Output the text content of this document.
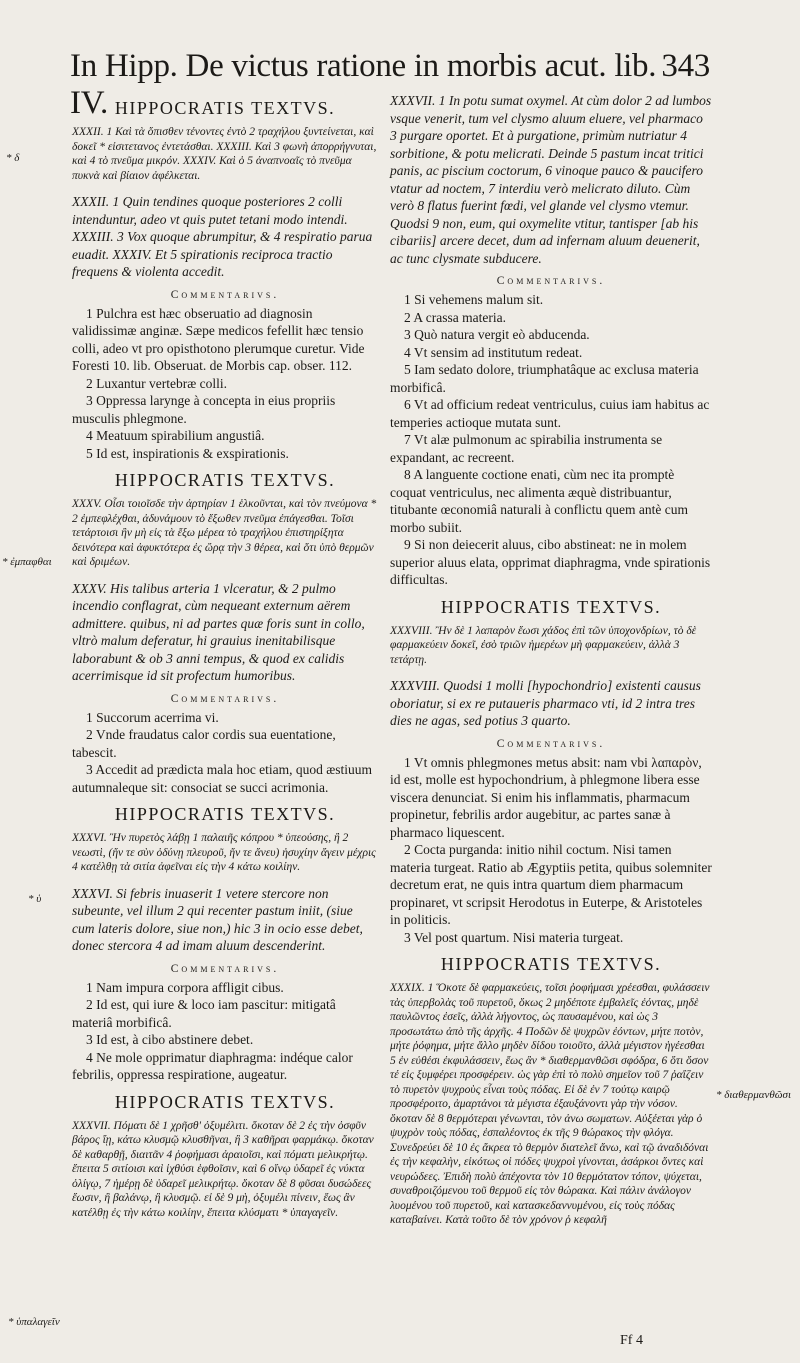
In Hipp. De victus ratione in morbis acut. lib. IV.
343
HIPPOCRATIS TEXTVS.

XXXII. 1 Καὶ τὰ ὄπισθεν τένοντες ἐντὸ 2 τραχήλου ξυντείνεται, καὶ δοκεῖ * εἰσιτετανος ἐντετάσθαι. XXXIII. Καὶ 3 φωνὴ ἀπορρήγνυται, καὶ 4 τὸ πνεῦμα μικρόν. XXXIV. Καὶ ὁ 5 ἀναπνοαῖς τὸ πνεῦμα πυκνὰ καὶ βίαιον ἀφέλκεται.

XXXII. 1 Quin tendines quoque posteriores 2 colli intenduntur, adeo vt quis putet tetani modo intendi. XXXIII. 3 Vox quoque abrumpitur, & 4 respiratio parua euadit. XXXIV. Et 5 spirationis reciproca tractio frequens & violenta accedit.

Commentarivs.
1 Pulchra est hæc obseruatio ad diagnosin validissimæ anginæ. Sæpe medicos fefellit hæc tensio colli, adeo vt pro opisthotono plerumque curetur. Vide Foresti 10. lib. Obseruat. de Morbis cap. obser. 112.
2 Luxantur vertebræ colli.
3 Oppressa larynge à concepta in eius propriis musculis phlegmone.
4 Meatuum spirabilium angustiâ.
5 Id est, inspirationis & exspirationis.
HIPPOCRATIS TEXTVS.

XXXV. Οἷσι τοιοῖσδε τὴν ἀρτηρίαν 1 ἑλκοῦνται, καὶ τὸν πνεύμονα * 2 ἐμπεφλέχθαι, ἀδυνάμουν τὸ ἔξωθεν πνεῦμα ἐπάγεσθαι. Τοῖσι τετάρτοισι ἢν μὴ εἰς τὰ ἔξω μέρεα τὸ τραχήλου ἐπιστηρίξητα δεινότερα καὶ ἀφυκτότερα ἐς ὥρᾳ τὴν 3 θέρεα, καὶ ὅτι ὑπὸ θερμῶν καὶ δριμέων.

XXXV. His talibus arteria 1 vlceratur, & 2 pulmo incendio conflagrat, cùm nequeant externum aërem admittere. quibus, ni ad partes quæ foris sunt in collo, vltrò malum deferatur, hi grauius inenitabilisque laborabunt & ob 3 anni tempus, & quod ex calidis acerrimisque id sit profectum humoribus.

Commentarivs.
1 Succorum acerrima vi.
2 Vnde fraudatus calor cordis sua euentatione, tabescit.
3 Accedit ad prædicta mala hoc etiam, quod æstiuum autumnaleque sit: consociat se succi acrimonia.
HIPPOCRATIS TEXTVS.

XXXVI. Ἢν πυρετὸς λάβῃ 1 παλαιῆς κόπρου * ὑπεούσης, ἢ 2 νεωστὶ, (ἤν τε σὺν ὀδύνῃ πλευροῦ, ἤν τε ἄνευ) ἡσυχίην ἄγειν μέχρις 4 κατέλθῃ τὰ σιτία ἀφεῖναι εἰς τὴν 4 κάτω κοιλίην.

XXXVI. Si febris inuaserit 1 vetere stercore non subeunte, vel illum 2 qui recenter pastum iniit, (siue cum lateris dolore, siue non,) hic 3 in ocio esse debet, donec stercora 4 ad imam aluum descenderint.

Commentarivs.
1 Nam impura corpora affligit cibus.
2 Id est, qui iure & loco iam pascitur: mitigatâ materiâ morbificâ.
3 Id est, à cibo abstinere debet.
4 Ne mole opprimatur diaphragma: indéque calor febrilis, oppressa respiratione, augeatur.
HIPPOCRATIS TEXTVS.

XXXVII. Πόματι δὲ 1 χρῆσθ' ὀξυμέλιτι. ὅκοταν δὲ 2 ἐς τὴν ὀσφῦν βάρος ἴῃ, κάτω κλυσμῷ κλυσθῆναι, ἢ 3 καθῆραι φαρμάκῳ. ὅκοταν δὲ καθαρθῇ, διαιτᾶν 4 ῥοφήμασι ἀραιοῖσι, καὶ πόματι μελικρήτῳ. ἔπειτα 5 σιτίοισι καὶ ἰχθύσι ἑφθοῖσιν, καὶ 6 οἴνῳ ὑδαρεῖ ἐς νύκτα ὀλίγῳ, 7 ἡμέρῃ δὲ ὑδαρεῖ μελικρήτῳ. ὅκοταν δὲ 8 φῦσαι δυσώδεες ἔωσιν, ἢ βαλάνῳ, ἢ κλυσμῷ. εἰ δὲ 9 μὴ, ὀξυμέλι πίνειν, ἕως ἂν κατέλθῃ ἐς τὴν κάτω κοιλίην, ἔπειτα κλύσματι * ὑπαγαγεῖν.

XXXVII. 1 In potu sumat oxymel. At cùm dolor 2 ad lumbos vsque venerit, tum vel clysmo aluum eluere, vel pharmaco 3 purgare oportet. Et à purgatione, primùm nutriatur 4 sorbitione, & potu melicrati. Deinde 5 pastum incat tritici panis, ac piscium coctorum, 6 vinoque pauco & paucifero vtatur ad noctem, 7 interdiu verò melicrato diluto. Cùm verò 8 flatus fuerint fœdi, vel glande vel clysmo vtemur. Quodsi 9 non, eum, qui oxymelite vtitur, tantisper [ab his cibariis] arcere decet, dum ad infernam aluum deuenerit, ac tunc clysmate subducere.

Commentarivs.
1 Si vehemens malum sit.
2 A crassa materia.
3 Quò natura vergit eò abducenda.
4 Vt sensim ad institutum redeat.
5 Iam sedato dolore, triumphatâque ac exclusa materia morbificâ.
6 Vt ad officium redeat ventriculus, cuius iam habitus ac temperies actioque mutata sunt.
7 Vt alæ pulmonum ac spirabilia instrumenta se expandant, ac recreent.
8 A languente coctione enati, cùm nec ita promptè coquat ventriculus, nec alimenta æquè distribuantur, titubante œconomiâ naturali à conflictu quem antè cum morbo subiit.
9 Si non deiecerit aluus, cibo abstineat: ne in molem superior aluus elata, opprimat diaphragma, vnde spirationis difficultas.
HIPPOCRATIS TEXTVS.

XXXVIII. Ἢν δὲ 1 λαπαρὸν ἔωσι χάδος ἐπὶ τῶν ὑποχονδρίων, τὸ δὲ φαρμακεύειν δοκεῖ, ἐσὸ τριῶν ἡμερέων μὴ φαρμακεύειν, ἀλλὰ 3 τετάρτῃ.

XXXVIII. Quodsi 1 molli [hypochondrio] existenti causus oboriatur, si ex re putaueris pharmaco vti, id 2 intra tres dies ne agas, sed potius 3 quarto.

Commentarivs.
1 Vt omnis phlegmones metus absit: nam vbi λαπαρὸν, id est, molle est hypochondrium, à phlegmone libera esse viscera denunciat. Si enim his inflammatis, pharmacum propinetur, febrilis ardor augebitur, ac partes sanæ à pharmaco liquescent.
2 Cocta purganda: initio nihil coctum. Nisi tamen materia turgeat. Ratio ab Ægyptiis petita, quibus solemniter decretum erat, ne quis intra quartum diem pharmacum propinaret, vt scripsit Herodotus in Euterpe, & Aristoteles in politicis.
3 Vel post quartum. Nisi materia turgeat.
HIPPOCRATIS TEXTVS.

XXXIX. 1 Ὅκοτε δὲ φαρμακεύεις, τοῖσι ῥοφήμασι χρέεσθαι, φυλάσσειν τὰς ὑπερβολὰς τοῦ πυρετοῦ, ὅκως 2 μηδέποτε ἐμβαλεῖς ἐόντας, μηδὲ παυλῶντος ἐσεῖς, ἀλλὰ λήγοντος, ὡς παυσαμένου, καὶ ὡς 3 προσωτάτω ἀπὸ τῆς ἀρχῆς. 4 Ποδῶν δὲ ψυχρῶν ἐόντων, μήτε ποτὸν, μήτε ῥόφημα, μήτε ἄλλο μηδὲν δίδου τοιοῦτο, ἀλλὰ μέγιστον ἡγέεσθαι 5 ἐν εὐθέσι ἐκφυλάσσειν, ἕως ἂν * διαθερμανθῶσι σφόδρα, 6 ὅτι ὅσον τέ εἰς ξυμφέρει προσφέρειν. ὡς γὰρ ἐπὶ τὸ πολὺ σημεῖον τοῦ 7 ῥαΐζειν τὸ πυρετὸν ψυχροὺς εἶναι τοὺς πόδας. Εἰ δὲ ἐν 7 τούτῳ καιρῷ προσφέροιτο, ἁμαρτάνοι τὰ μέγιστα ἐξαυξάνοντι γὰρ τὴν νόσον. ὅκοταν δὲ 8 θερμότεραι γένωνται, τὸν ἀνω σωματων. Αὐξέεται γὰρ ὁ ψυχρὸν τοὺς πόδας, ἐσπαλέοντος ἐκ τῆς 9 θώρακος τὴν φλόγα. Συνεδρεύει δὲ 10 ἐς ἄκρεα τὸ θερμὸν διατελεῖ ἄνω, καὶ τῷ ἀναδιδόναι ἐς τὴν κεφαλὴν, εἰκότως οἱ πόδες ψυχροὶ γίνονται, ἀσάρκοι ὄντες καὶ νευρώδεες. Ἐπιδὴ πολὺ ἀπέχοντα τὸν 10 θερμότατον τόπον, ψύχεται, συναθροιζόμενου τοῦ θερμοῦ εἰς τὸν θώρακα. Καὶ πάλιν ἀνάλογον λυομένου τοῦ πυρετοῦ, καὶ κατασκεδαννυμένου, εἰς τοὺς πόδας καταβαίνει. Κατὰ τοῦτο δὲ τὸν χρόνον ῥ κεφαλῆ

* δ
* ἐμπαφθαι
* ὑ
* ὑπαλαγεῖν
* διαθερμανθῶσι
Ff 4
